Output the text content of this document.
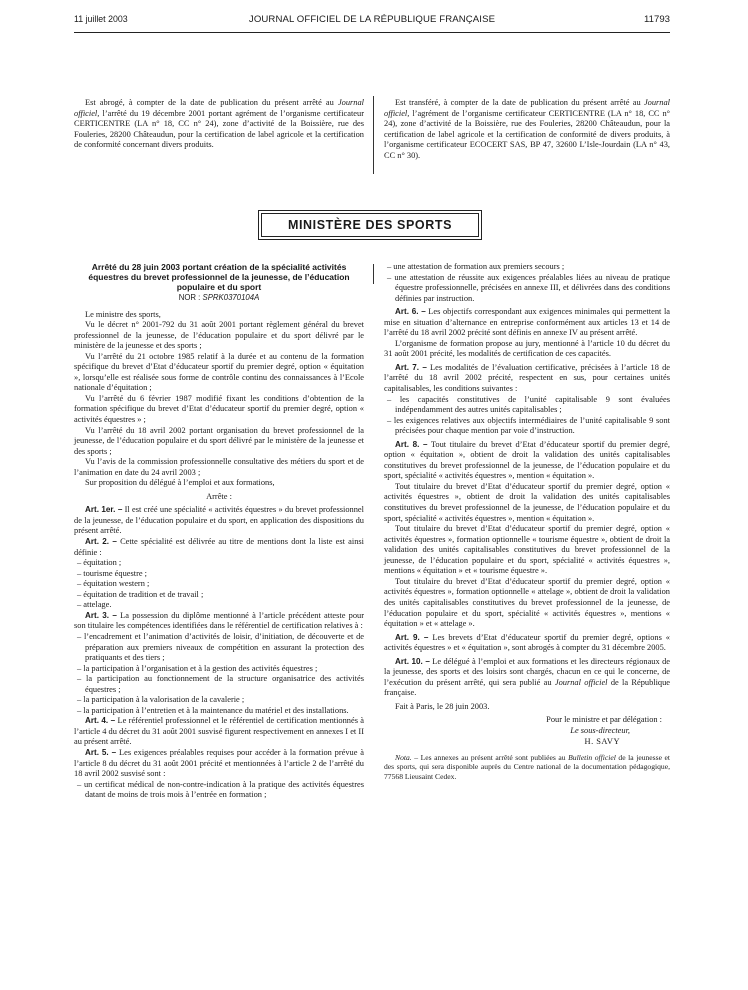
11 juillet 2003	JOURNAL OFFICIEL DE LA RÉPUBLIQUE FRANÇAISE	11793

Est abrogé, à compter de la date de publication du présent arrêté au Journal officiel, l’arrêté du 19 décembre 2001 portant agrément de l’organisme certificateur CERTICENTRE (LA n° 18, CC n° 24), zone d’activité de la Boissière, rue des Fouleries, 28200 Châteaudun, pour la certification de label agricole et la certification de conformité concernant divers produits.

Est transféré, à compter de la date de publication du présent arrêté au Journal officiel, l’agrément de l’organisme certificateur CERTICENTRE (LA n° 18, CC n° 24), zone d’activité de la Boissière, rue des Fouleries, 28200 Châteaudun, pour la certification de label agricole et la certification de conformité de divers produits, à l’organisme certificateur ECOCERT SAS, BP 47, 32600 L’Isle-Jourdain (LA n° 43, CC n° 30).

MINISTÈRE DES SPORTS
Arrêté du 28 juin 2003 portant création de la spécialité activités équestres du brevet professionnel de la jeunesse, de l’éducation populaire et du sport
NOR : SPRK0370104A

Le ministre des sports,

Vu le décret n° 2001-792 du 31 août 2001 portant règlement général du brevet professionnel de la jeunesse, de l’éducation populaire et du sport délivré par le ministère de la jeunesse et des sports ;

Vu l’arrêté du 21 octobre 1985 relatif à la durée et au contenu de la formation spécifique du brevet d’Etat d’éducateur sportif du premier degré, option « équitation », lorsqu’elle est réalisée sous forme de contrôle continu des connaissances à l’Ecole nationale d’équitation ;

Vu l’arrêté du 6 février 1987 modifié fixant les conditions d’obtention de la formation spécifique du brevet d’Etat d’éducateur sportif du premier degré, option « activités équestres » ;

Vu l’arrêté du 18 avril 2002 portant organisation du brevet professionnel de la jeunesse, de l’éducation populaire et du sport délivré par le ministère de la jeunesse et des sports ;

Vu l’avis de la commission professionnelle consultative des métiers du sport et de l’animation en date du 24 avril 2003 ;

Sur proposition du délégué à l’emploi et aux formations,

Arrête :

Art. 1er. – Il est créé une spécialité « activités équestres » du brevet professionnel de la jeunesse, de l’éducation populaire et du sport, en application des dispositions du présent arrêté.

Art. 2. – Cette spécialité est délivrée au titre de mentions dont la liste est ainsi définie :

– équitation ;
– tourisme équestre ;
– équitation western ;
– équitation de tradition et de travail ;
– attelage.

Art. 3. – La possession du diplôme mentionné à l’article précédent atteste pour son titulaire les compétences identifiées dans le référentiel de certification relatives à :

– l’encadrement et l’animation d’activités de loisir, d’initiation, de découverte et de préparation aux premiers niveaux de compétition en assurant la protection des pratiquants et des tiers ;
– la participation à l’organisation et à la gestion des activités équestres ;
– la participation au fonctionnement de la structure organisatrice des activités équestres ;
– la participation à la valorisation de la cavalerie ;
– la participation à l’entretien et à la maintenance du matériel et des installations.

Art. 4. – Le référentiel professionnel et le référentiel de certification mentionnés à l’article 4 du décret du 31 août 2001 susvisé figurent respectivement en annexes I et II au présent arrêté.

Art. 5. – Les exigences préalables requises pour accéder à la formation prévue à l’article 8 du décret du 31 août 2001 précité et mentionnées à l’article 2 de l’arrêté du 18 avril 2002 susvisé sont :

– un certificat médical de non-contre-indication à la pratique des activités équestres datant de moins de trois mois à l’entrée en formation ;
– une attestation de formation aux premiers secours ;
– une attestation de réussite aux exigences préalables liées au niveau de pratique équestre professionnelle, précisées en annexe III, et délivrées dans des conditions définies par instruction.

Art. 6. – Les objectifs correspondant aux exigences minimales qui permettent la mise en situation d’alternance en entreprise conformément aux articles 13 et 14 de l’arrêté du 18 avril 2002 précité sont définis en annexe IV au présent arrêté.

L’organisme de formation propose au jury, mentionné à l’article 10 du décret du 31 août 2001 précité, les modalités de certification de ces capacités.

Art. 7. – Les modalités de l’évaluation certificative, précisées à l’article 18 de l’arrêté du 18 avril 2002 précité, respectent en sus, pour certaines unités capitalisables, les conditions suivantes :

– les capacités constitutives de l’unité capitalisable 9 sont évaluées indépendamment des autres unités capitalisables ;
– les exigences relatives aux objectifs intermédiaires de l’unité capitalisable 9 sont précisées pour chaque mention par voie d’instruction.

Art. 8. – Tout titulaire du brevet d’Etat d’éducateur sportif du premier degré, option « équitation », obtient de droit la validation des unités capitalisables constitutives du brevet professionnel de la jeunesse, de l’éducation populaire et du sport, spécialité « activités équestres », mention « équitation ».

Tout titulaire du brevet d’Etat d’éducateur sportif du premier degré, option « activités équestres », obtient de droit la validation des unités capitalisables constitutives du brevet professionnel de la jeunesse, de l’éducation populaire et du sport, spécialité « activités équestres », mention « équitation ».

Tout titulaire du brevet d’Etat d’éducateur sportif du premier degré, option « activités équestres », formation optionnelle « tourisme équestre », obtient de droit la validation des unités capitalisables constitutives du brevet professionnel de la jeunesse, de l’éducation populaire et du sport, spécialité « activités équestres », mentions « équitation » et « tourisme équestre ».

Tout titulaire du brevet d’Etat d’éducateur sportif du premier degré, option « activités équestres », formation optionnelle « attelage », obtient de droit la validation des unités capitalisables constitutives du brevet professionnel de la jeunesse, de l’éducation populaire et du sport, spécialité « activités équestres », mentions « équitation » et « attelage ».

Art. 9. – Les brevets d’Etat d’éducateur sportif du premier degré, options « activités équestres » et « équitation », sont abrogés à compter du 31 décembre 2005.

Art. 10. – Le délégué à l’emploi et aux formations et les directeurs régionaux de la jeunesse, des sports et des loisirs sont chargés, chacun en ce qui le concerne, de l’exécution du présent arrêté, qui sera publié au Journal officiel de la République française.

Fait à Paris, le 28 juin 2003.

Pour le ministre et par délégation :

Le sous-directeur,

H. SAVY

Nota. – Les annexes au présent arrêté sont publiées au Bulletin officiel de la jeunesse et des sports, qui sera disponible auprès du Centre national de la documentation pédagogique, 77568 Lieusaint Cedex.
